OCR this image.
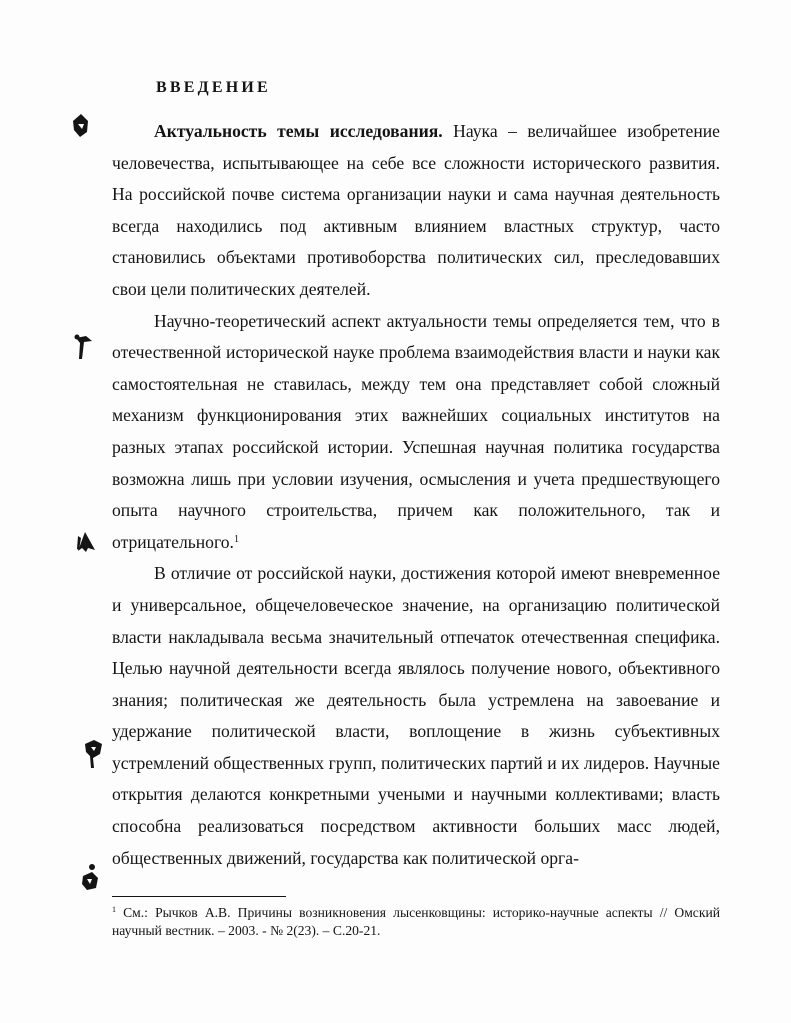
ВВЕДЕНИЕ

Актуальность темы исследования. Наука – величайшее изобретение человечества, испытывающее на себе все сложности исторического развития. На российской почве система организации науки и сама научная деятельность всегда находились под активным влиянием властных структур, часто становились объектами противоборства политических сил, преследовавших свои цели политических деятелей.

Научно-теоретический аспект актуальности темы определяется тем, что в отечественной исторической науке проблема взаимодействия власти и науки как самостоятельная не ставилась, между тем она представляет собой сложный механизм функционирования этих важнейших социальных институтов на разных этапах российской истории. Успешная научная политика государства возможна лишь при условии изучения, осмысления и учета предшествующего опыта научного строительства, причем как положительного, так и отрицательного.$^1$

В отличие от российской науки, достижения которой имеют вневременное и универсальное, общечеловеческое значение, на организацию политической власти накладывала весьма значительный отпечаток отечественная специфика. Целью научной деятельности всегда являлось получение нового, объективного знания; политическая же деятельность была устремлена на завоевание и удержание политической власти, воплощение в жизнь субъективных устремлений общественных групп, политических партий и их лидеров. Научные открытия делаются конкретными учеными и научными коллективами; власть способна реализоваться посредством активности больших масс людей, общественных движений, государства как политической орга-

$^1$ См.: Рычков А.В. Причины возникновения лысенковщины: историко-научные аспекты // Омский научный вестник. – 2003. - № 2(23). – С.20-21.
